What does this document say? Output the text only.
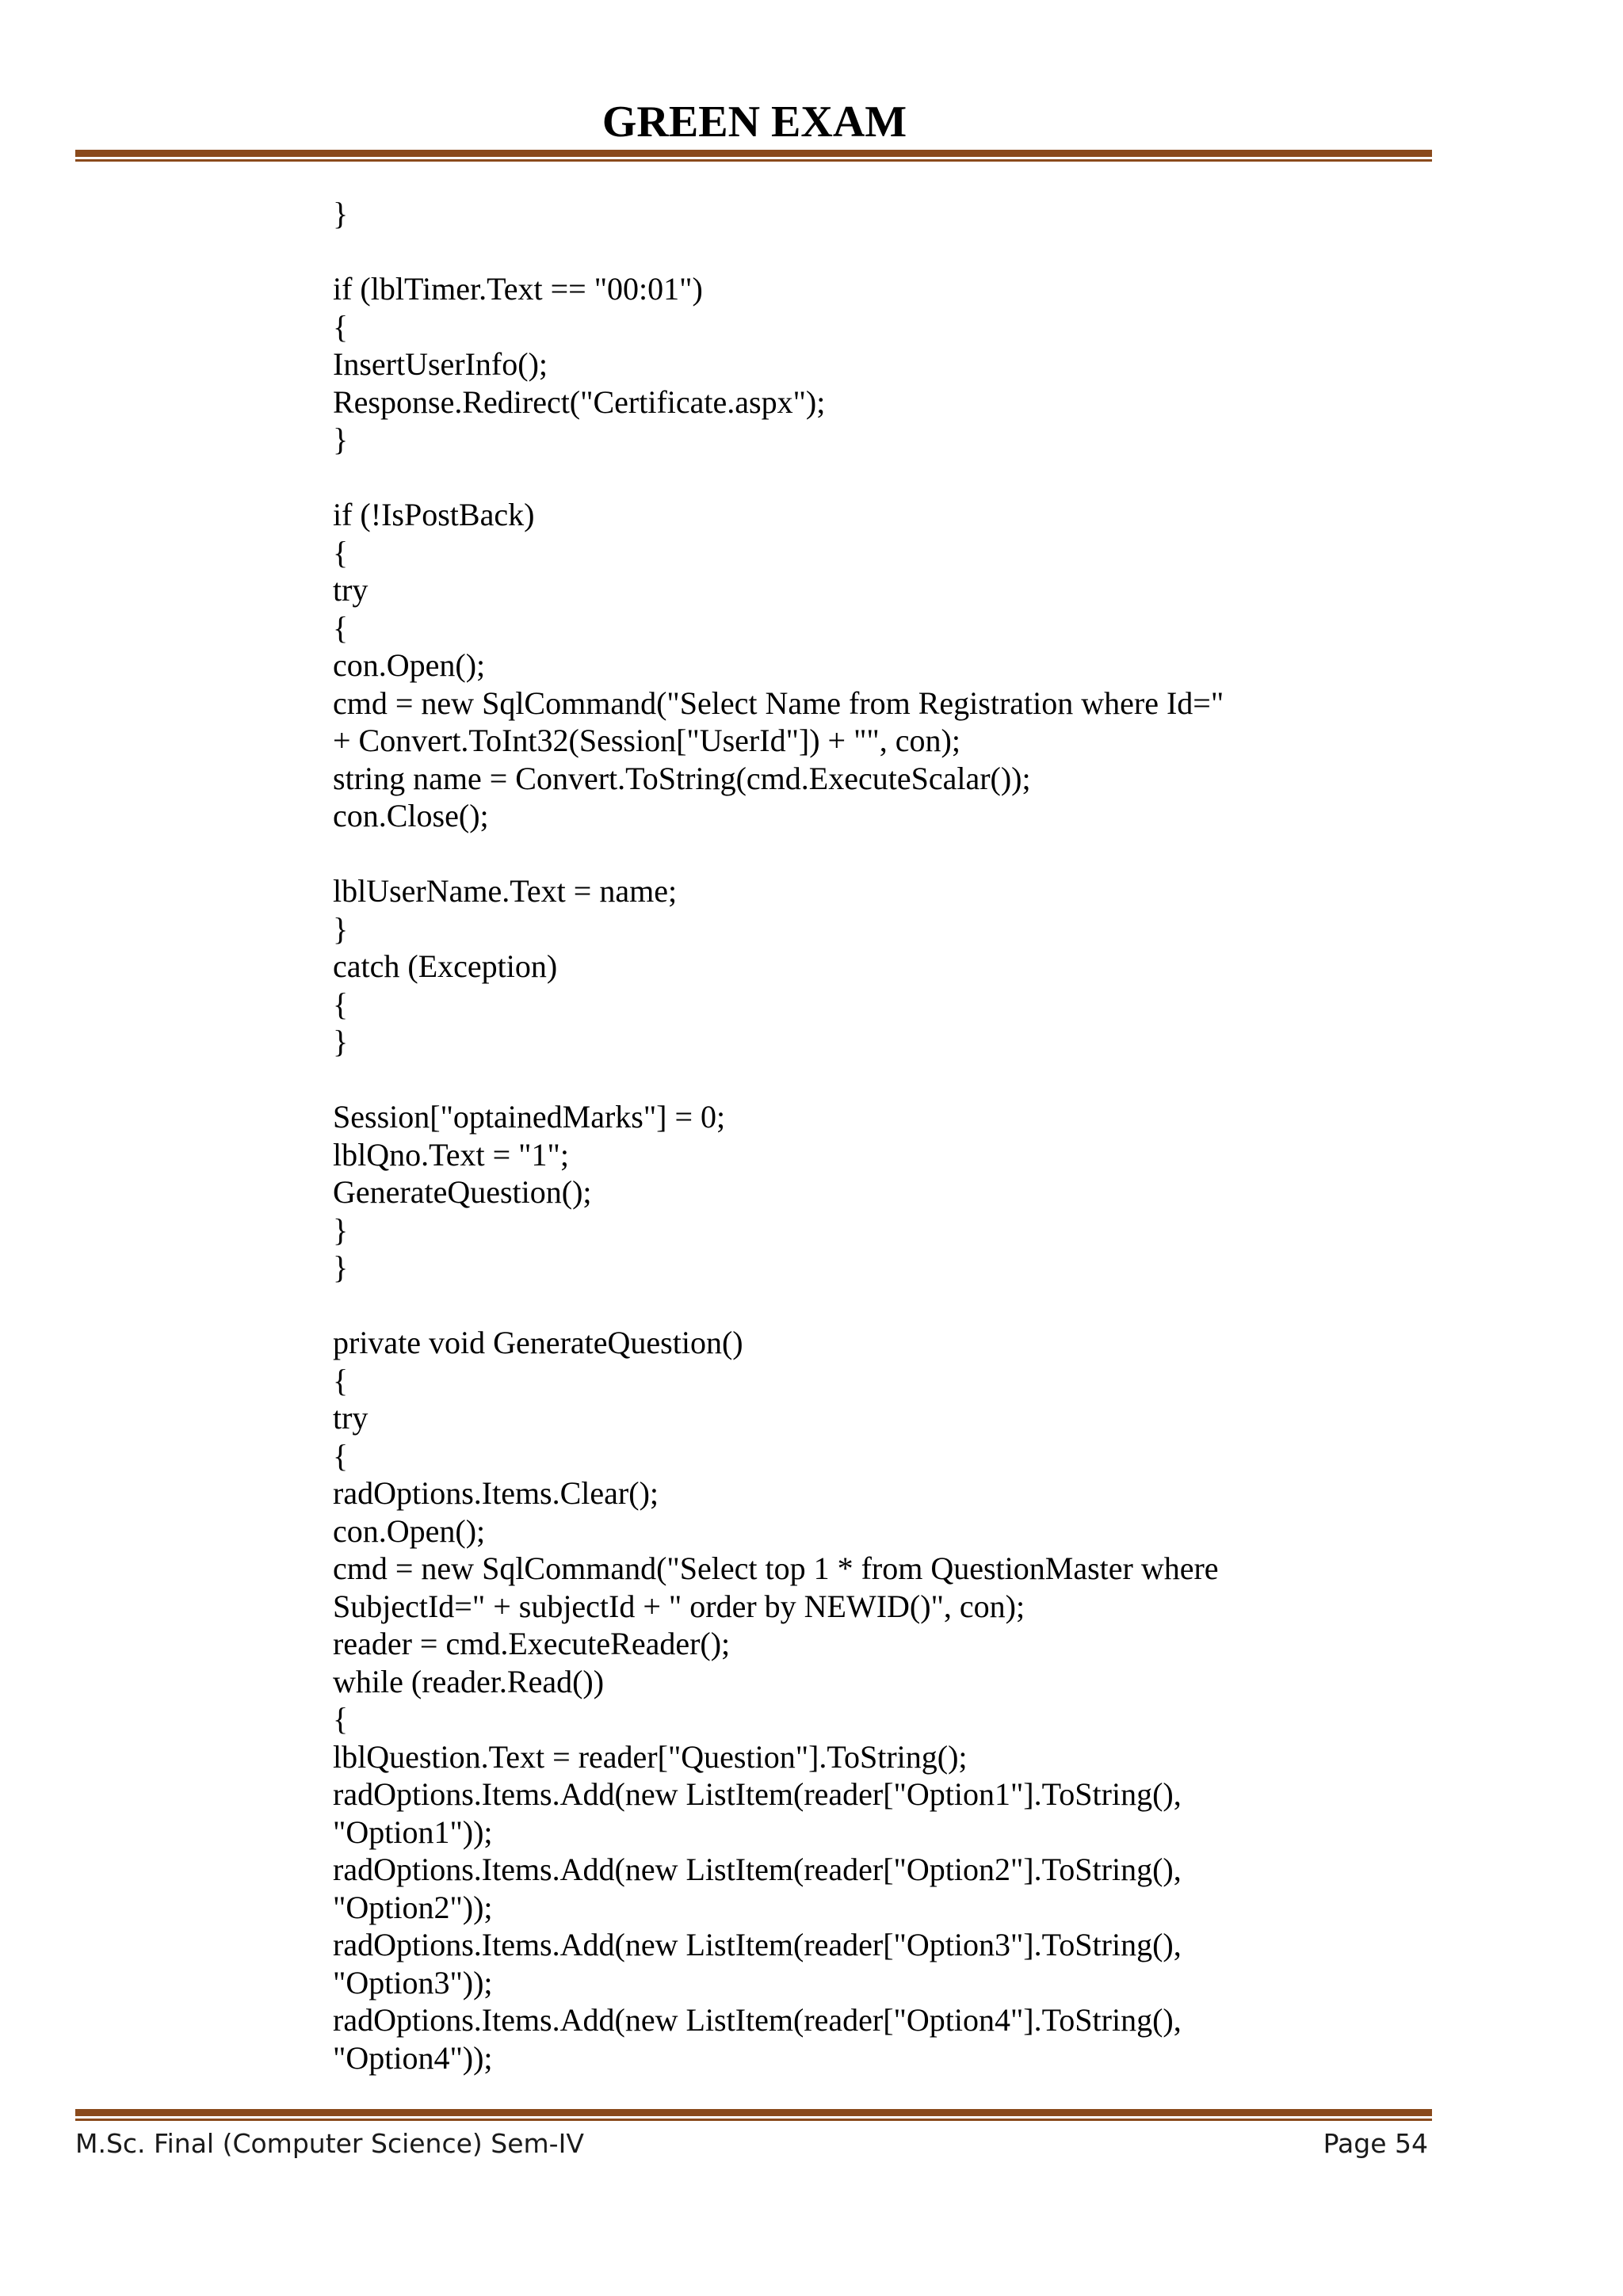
GREEN EXAM
}
if (lblTimer.Text == "00:01")
{
InsertUserInfo();
Response.Redirect("Certificate.aspx");
}
if (!IsPostBack)
{
try
{
con.Open();
cmd = new SqlCommand("Select Name from Registration where Id="
+ Convert.ToInt32(Session["UserId"]) + "", con);
string name = Convert.ToString(cmd.ExecuteScalar());
con.Close();
lblUserName.Text = name;
}
catch (Exception)
{
}
Session["optainedMarks"] = 0;
lblQno.Text = "1";
GenerateQuestion();
}
}
private void GenerateQuestion()
{
try
{
radOptions.Items.Clear();
con.Open();
cmd = new SqlCommand("Select top 1 * from QuestionMaster where
SubjectId=" + subjectId + " order by NEWID()", con);
reader = cmd.ExecuteReader();
while (reader.Read())
{
lblQuestion.Text = reader["Question"].ToString();
radOptions.Items.Add(new ListItem(reader["Option1"].ToString(),
"Option1"));
radOptions.Items.Add(new ListItem(reader["Option2"].ToString(),
"Option2"));
radOptions.Items.Add(new ListItem(reader["Option3"].ToString(),
"Option3"));
radOptions.Items.Add(new ListItem(reader["Option4"].ToString(),
"Option4"));
M.Sc. Final (Computer Science) Sem-IV	Page 54
